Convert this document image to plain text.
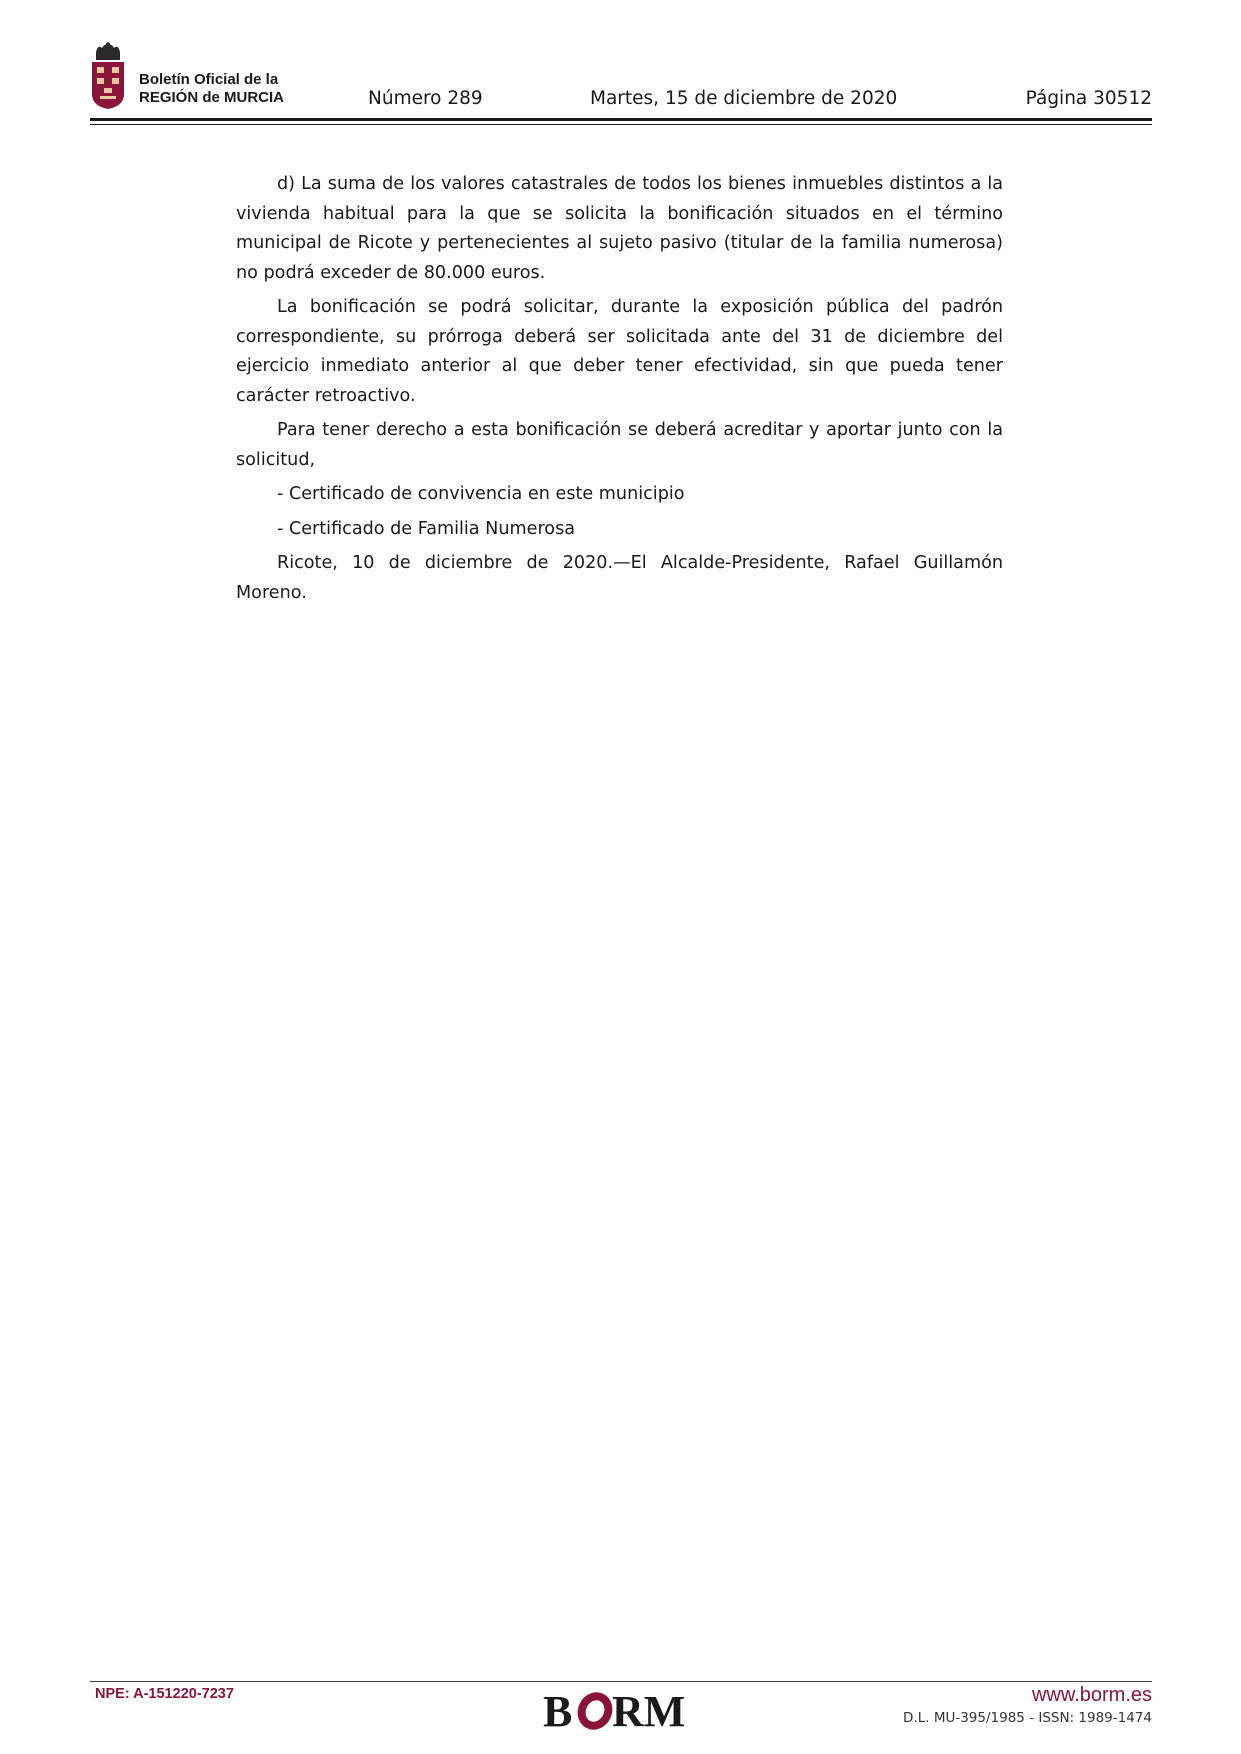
Boletín Oficial de la
REGIÓN de MURCIA	Número 289	Martes, 15 de diciembre de 2020	Página 30512

d) La suma de los valores catastrales de todos los bienes inmuebles distintos a la vivienda habitual para la que se solicita la bonificación situados en el término municipal de Ricote y pertenecientes al sujeto pasivo (titular de la familia numerosa) no podrá exceder de 80.000 euros.

La bonificación se podrá solicitar, durante la exposición pública del padrón correspondiente, su prórroga deberá ser solicitada ante del 31 de diciembre del ejercicio inmediato anterior al que deber tener efectividad, sin que pueda tener carácter retroactivo.

Para tener derecho a esta bonificación se deberá acreditar y aportar junto con la solicitud,

- Certificado de convivencia en este municipio

- Certificado de Familia Numerosa

Ricote, 10 de diciembre de 2020.—El Alcalde-Presidente, Rafael Guillamón Moreno.

NPE: A-151220-7237	B RM	www.borm.es
D.L. MU-395/1985 - ISSN: 1989-1474
